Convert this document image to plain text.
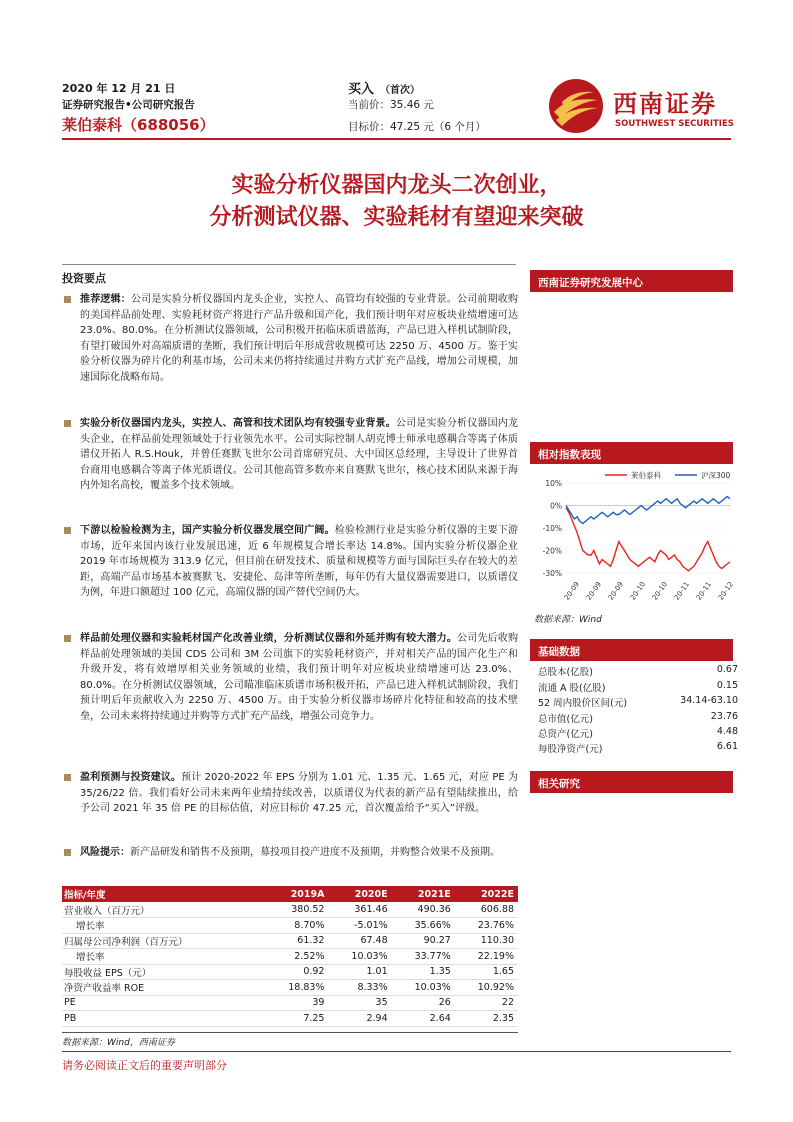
2020 年 12 月 21 日
证券研究报告•公司研究报告
莱伯泰科（688056）
买入 （首次）
当前价：35.46 元
目标价：47.25 元（6 个月）
西南证券
SOUTHWEST SECURITIES
实验分析仪器国内龙头二次创业，
分析测试仪器、实验耗材有望迎来突破
投资要点
推荐逻辑：公司是实验分析仪器国内龙头企业，实控人、高管均有较强的专业背景。公司前期收购的美国样品前处理、实验耗材资产将进行产品升级和国产化，我们预计明年对应板块业绩增速可达 23.0%、80.0%。在分析测试仪器领域，公司积极开拓临床质谱蓝海，产品已进入样机试制阶段，有望打破国外对高端质谱的垄断，我们预计明后年形成营收规模可达 2250 万、4500 万。鉴于实验分析仪器为碎片化的利基市场，公司未来仍将持续通过并购方式扩充产品线，增加公司规模，加速国际化战略布局。
实验分析仪器国内龙头，实控人、高管和技术团队均有较强专业背景。公司是实验分析仪器国内龙头企业，在样品前处理领域处于行业领先水平。公司实际控制人胡克博士师承电感耦合等离子体质谱仪开拓人 R.S.Houk，并曾任赛默飞世尔公司首席研究员、大中国区总经理，主导设计了世界首台商用电感耦合等离子体光质谱仪。公司其他高管多数亦来自赛默飞世尔，核心技术团队来源于海内外知名高校，覆盖多个技术领域。
下游以检验检测为主，国产实验分析仪器发展空间广阔。检验检测行业是实验分析仪器的主要下游市场，近年来国内该行业发展迅速，近 6 年规模复合增长率达 14.8%。国内实验分析仪器企业 2019 年市场规模为 313.9 亿元，但目前在研发技术、质量和规模等方面与国际巨头存在较大的差距，高端产品市场基本被赛默飞、安捷伦、岛津等所垄断，每年仍有大量仪器需要进口，以质谱仪为例，年进口额超过 100 亿元，高端仪器的国产替代空间仍大。
样品前处理仪器和实验耗材国产化改善业绩，分析测试仪器和外延并购有较大潜力。公司先后收购样品前处理领域的美国 CDS 公司和 3M 公司旗下的实验耗材资产，并对相关产品的国产化生产和升级开发，将有效增厚相关业务领域的业绩，我们预计明年对应板块业绩增速可达 23.0%、80.0%。在分析测试仪器领域，公司瞄准临床质谱市场积极开拓，产品已进入样机试制阶段，我们预计明后年贡献收入为 2250 万、4500 万。由于实验分析仪器市场碎片化特征和较高的技术壁垒，公司未来将持续通过并购等方式扩充产品线，增强公司竞争力。
盈利预测与投资建议。预计 2020-2022 年 EPS 分别为 1.01 元、1.35 元、1.65 元，对应 PE 为 35/26/22 倍。我们看好公司未来两年业绩持续改善，以质谱仪为代表的新产品有望陆续推出，给予公司 2021 年 35 倍 PE 的目标估值，对应目标价 47.25 元，首次覆盖给予“买入”评级。
风险提示：新产品研发和销售不及预期，募投项目投产进度不及预期，并购整合效果不及预期。
西南证券研究发展中心
相对指数表现
10%
0%
-10%
-20%
-30%
20-09 20-09 20-09 20-10 20-10 20-11 20-11 20-12
莱伯泰科	沪深300
数据来源：Wind
基础数据
总股本(亿股)	0.67
流通 A 股(亿股)	0.15
52 周内股价区间(元)	34.14-63.10
总市值(亿元)	23.76
总资产(亿元)	4.48
每股净资产(元)	6.61
相关研究
指标/年度	2019A	2020E	2021E	2022E
营业收入（百万元）	380.52	361.46	490.36	606.88
增长率	8.70%	-5.01%	35.66%	23.76%
归属母公司净利润（百万元）	61.32	67.48	90.27	110.30
增长率	2.52%	10.03%	33.77%	22.19%
每股收益 EPS（元）	0.92	1.01	1.35	1.65
净资产收益率 ROE	18.83%	8.33%	10.03%	10.92%
PE	39	35	26	22
PB	7.25	2.94	2.64	2.35
数据来源：Wind，西南证券
请务必阅读正文后的重要声明部分
